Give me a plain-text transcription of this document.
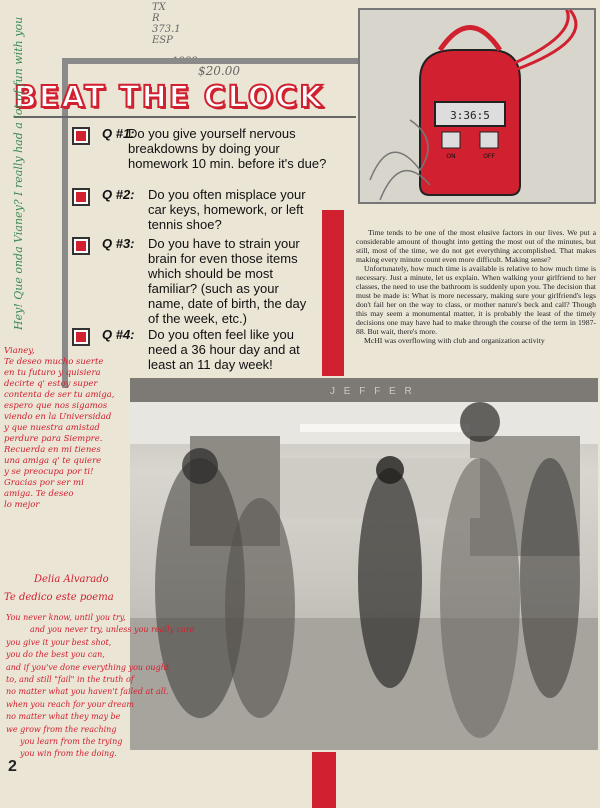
TX
R
373.1
ESP
$20.00
BEAT THE CLOCK
3:36:5
ON	OFF
Q #1:
Do you give yourself nervous breakdowns by doing your homework 10 min. before it's due?
Q #2: Do you often misplace your car keys, homework, or left tennis shoe?
Q #3: Do you have to strain your brain for even those items which should be most familiar? (such as your name, date of birth, the day of the week, etc.)
Q #4: Do you often feel like you need a 36 hour day and at least an 11 day week!

Time tends to be one of the most elusive factors in our lives. We put a considerable amount of thought into getting the most out of the minutes, but still, most of the time, we do not get everything accomplished. That makes making every minute count even more difficult. Making sense?

Unfortunately, how much time is available is relative to how much time is necessary. Just a minute, let us explain. When walking your girlfriend to her classes, the need to use the bathroom is suddenly upon you. The decision that must be made is: What is more necessary, making sure your girlfriend's legs don't fail her on the way to class, or mother nature's beck and call? Though this may seem a monumental matter, it is probably the least of the timely decisions one may have had to make through the course of the term in 1987-88. But wait, there's more.

McHI was overflowing with club and organization activity

J E F F E R
2
Hey! Que onda Vianey? I really had a lot of fun with you
Vianey,
Te deseo mucho suerte
en tu futuro y quisiera
decirte q' estoy super
contenta de ser tu amiga,
espero que nos sigamos
viendo en la Universidad
y que nuestra amistad
perdure para Siempre.
Recuerda en mi tienes
una amiga q' te quiere
y se preocupa por ti!
Gracias por ser mi
amiga. Te deseo
lo mejor
Delia Alvarado
Te dedico este poema
You never know, until you try,
and you never try, unless you really care
you give it your best shot,
you do the best you can,
and if you've done everything you ought
to, and still "fail" in the truth of
no matter what you haven't failed at all.
when you reach for your dream
no matter what they may be
we grow from the reaching
you learn from the trying
you win from the doing.
